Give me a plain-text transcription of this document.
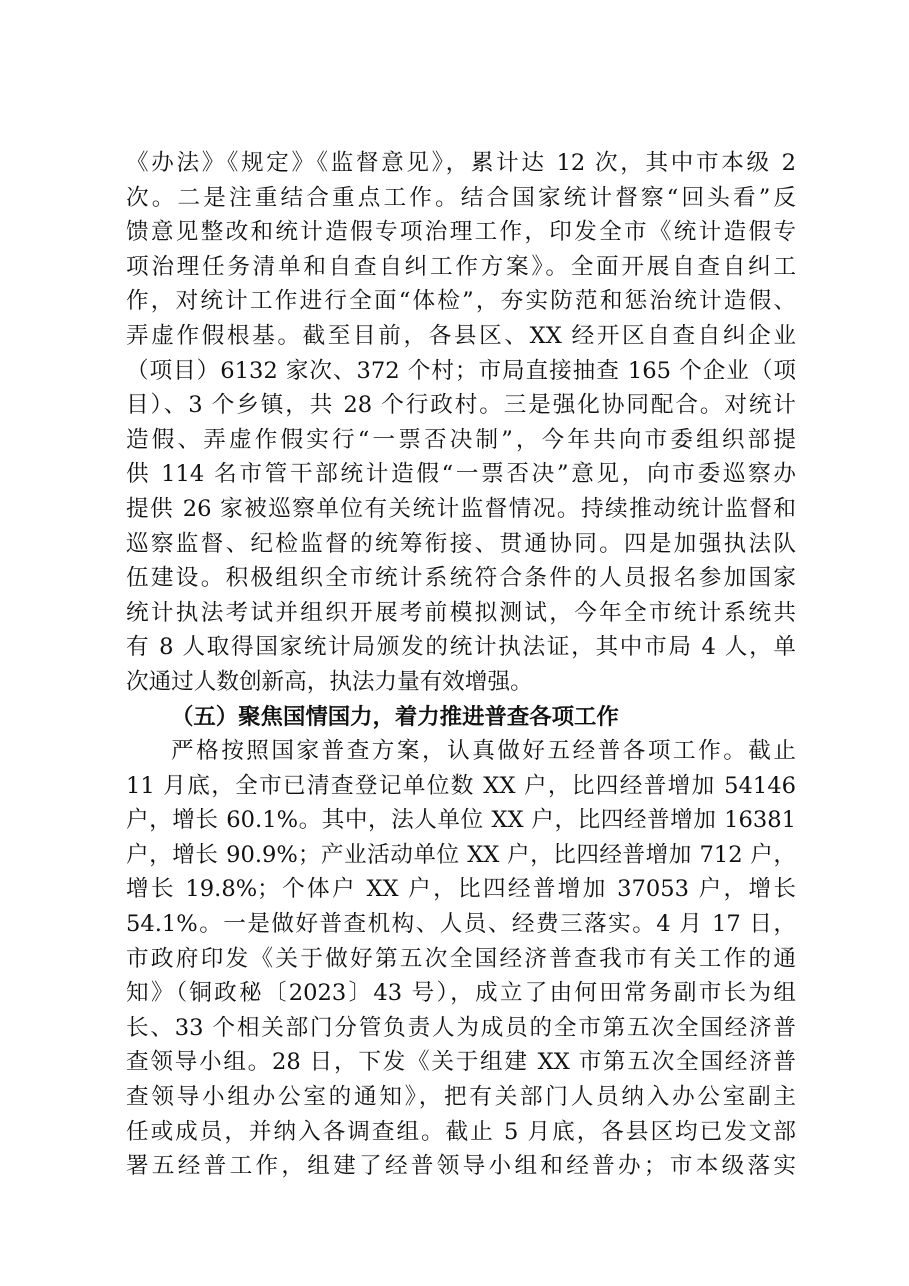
《办法》《规定》《监督意见》，累计达 12 次，其中市本级 2
次。二是注重结合重点工作。结合国家统计督察“回头看”反
馈意见整改和统计造假专项治理工作，印发全市《统计造假专
项治理任务清单和自查自纠工作方案》。全面开展自查自纠工
作，对统计工作进行全面“体检”，夯实防范和惩治统计造假、
弄虚作假根基。截至目前，各县区、XX 经开区自查自纠企业
（项目）6132 家次、372 个村；市局直接抽查 165 个企业（项
目）、3 个乡镇，共 28 个行政村。三是强化协同配合。对统计
造假、弄虚作假实行“一票否决制”，今年共向市委组织部提
供 114 名市管干部统计造假“一票否决”意见，向市委巡察办
提供 26 家被巡察单位有关统计监督情况。持续推动统计监督和
巡察监督、纪检监督的统筹衔接、贯通协同。四是加强执法队
伍建设。积极组织全市统计系统符合条件的人员报名参加国家
统计执法考试并组织开展考前模拟测试，今年全市统计系统共
有 8 人取得国家统计局颁发的统计执法证，其中市局 4 人，单
次通过人数创新高，执法力量有效增强。
（五）聚焦国情国力，着力推进普查各项工作
严格按照国家普查方案，认真做好五经普各项工作。截止
11 月底，全市已清查登记单位数 XX 户，比四经普增加 54146
户，增长 60.1%。其中，法人单位 XX 户，比四经普增加 16381
户，增长 90.9%；产业活动单位 XX 户，比四经普增加 712 户，
增长 19.8%；个体户 XX 户，比四经普增加 37053 户，增长
54.1%。一是做好普查机构、人员、经费三落实。4 月 17 日，
市政府印发《关于做好第五次全国经济普查我市有关工作的通
知》（铜政秘〔2023〕43 号），成立了由何田常务副市长为组
长、33 个相关部门分管负责人为成员的全市第五次全国经济普
查领导小组。28 日，下发《关于组建 XX 市第五次全国经济普
查领导小组办公室的通知》，把有关部门人员纳入办公室副主
任或成员，并纳入各调查组。截止 5 月底，各县区均已发文部
署五经普工作，组建了经普领导小组和经普办；市本级落实
